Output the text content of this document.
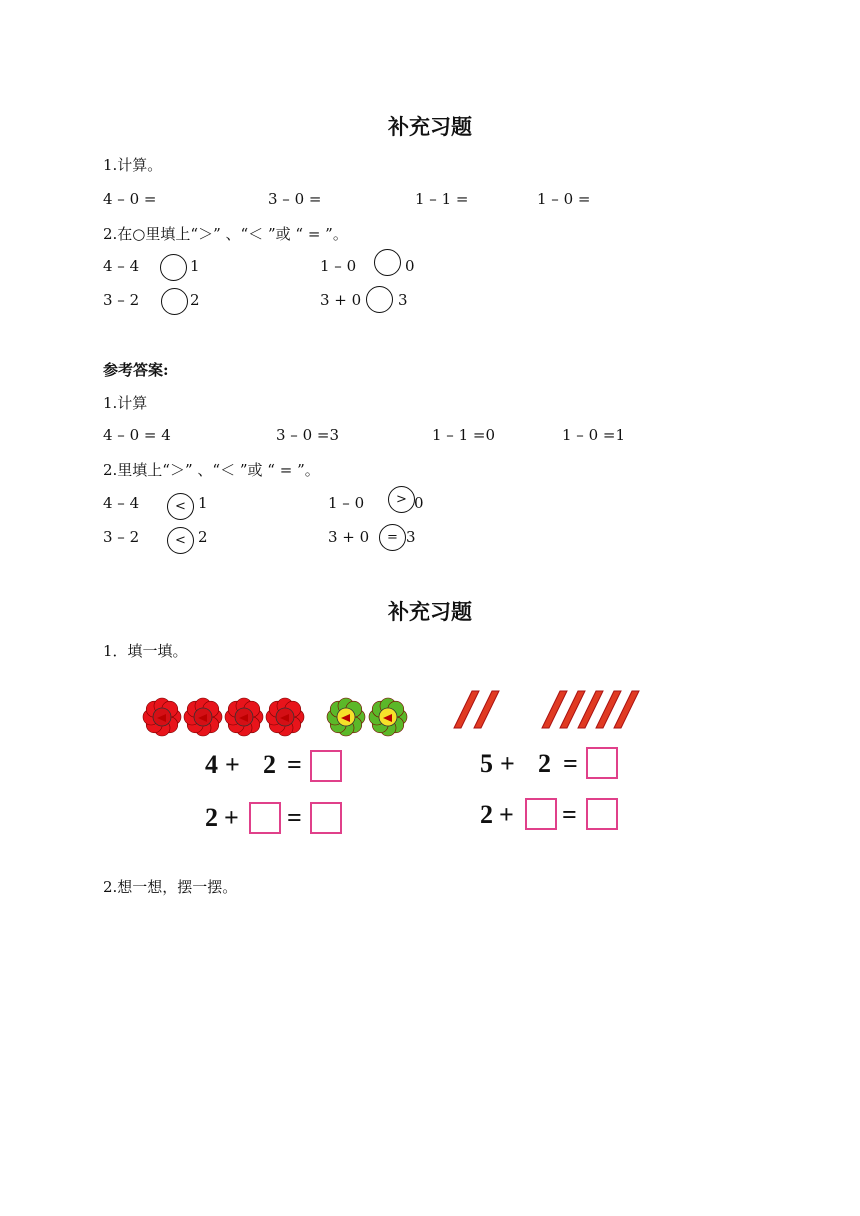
补充习题
1.计算。
4 – 0 =	3 – 0 =	1 – 1 =	1 – 0 =
2.在○里填上“＞” 、“＜ ”或 “ = ”。
4 – 4	1	1 – 0	0
3 – 2	2	3 + 0 3
参考答案:
1.计算
4 – 0 = 4	3 – 0 =3	1 – 1 =0	1 – 0 =1
2.里填上“＞” 、“＜ ”或 “ = ”。
4 – 4	< 1	1 – 0	> 0
3 – 2	< 2	3 + 0	= 3
补充习题
1．填一填。
4 + 2 =
2 + =
5 + 2 =
2 + =
2.想一想，摆一摆。
